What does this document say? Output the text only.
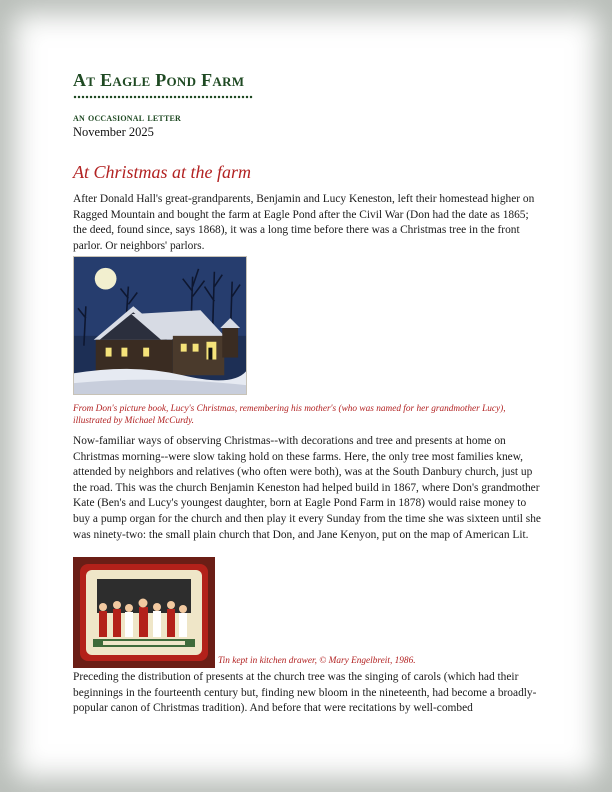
At Eagle Pond Farm
an occasional letter
November 2025
At Christmas at the farm

After Donald Hall's great-grandparents, Benjamin and Lucy Keneston, left their homestead higher on Ragged Mountain and bought the farm at Eagle Pond after the Civil War (Don had the date as 1865; the deed, found since, says 1868), it was a long time before there was a Christmas tree in the front parlor. Or neighbors' parlors.

From Don's picture book, Lucy's Christmas, remembering his mother's (who was named for her grandmother Lucy), illustrated by Michael McCurdy.

Now-familiar ways of observing Christmas--with decorations and tree and presents at home on Christmas morning--were slow taking hold on these farms. Here, the only tree most families knew, attended by neighbors and relatives (who often were both), was at the South Danbury church, just up the road. This was the church Benjamin Keneston had helped build in 1867, where Don's grandmother Kate (Ben's and Lucy's youngest daughter, born at Eagle Pond Farm in 1878) would raise money to buy a pump organ for the church and then play it every Sunday from the time she was sixteen until she was ninety-two: the small plain church that Don, and Jane Kenyon, put on the map of American Lit.

Tin kept in kitchen drawer, © Mary Engelbreit, 1986.

Preceding the distribution of presents at the church tree was the singing of carols (which had their beginnings in the fourteenth century but, finding new bloom in the nineteenth, had become a broadly-popular canon of Christmas tradition). And before that were recitations by well-combed
